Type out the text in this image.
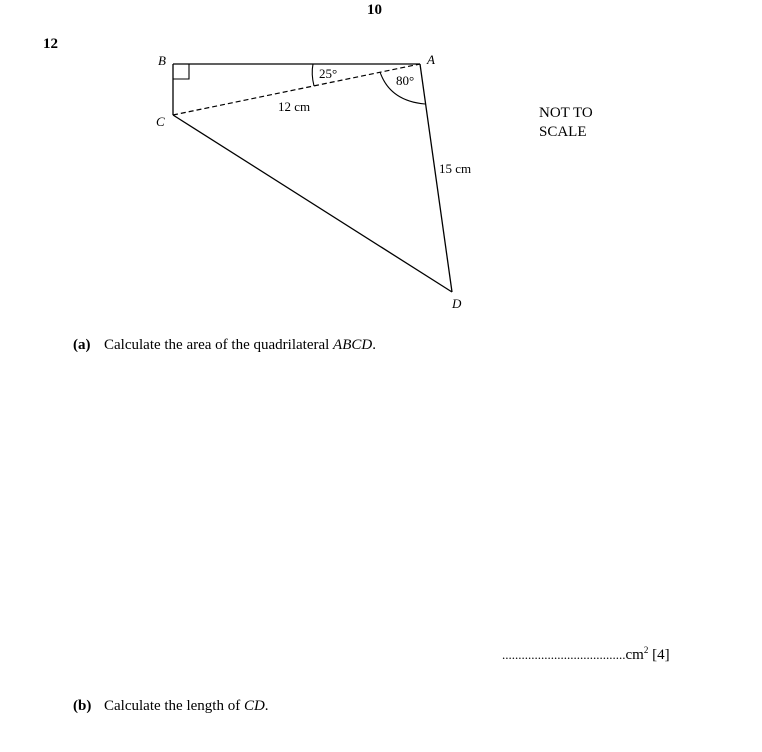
10
12
B	A
C
D
25°	80°
12 cm
15 cm
NOT TO
SCALE
(a) Calculate the area of the quadrilateral ABCD.
$......................................cm^2$ [4]
(b) Calculate the length of CD.
